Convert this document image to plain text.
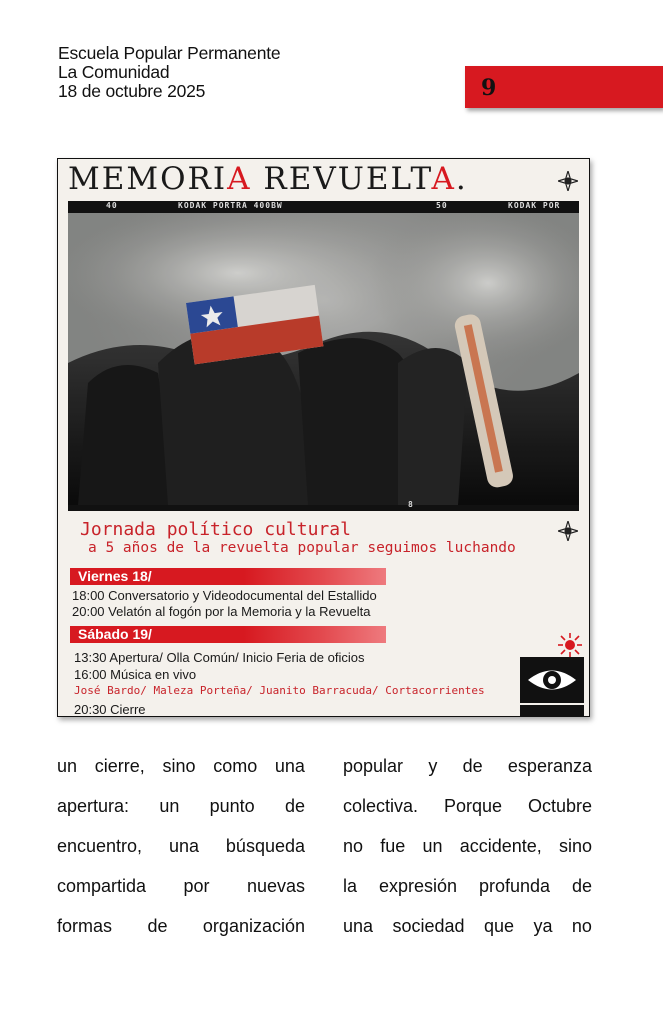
Escuela Popular Permanente
La Comunidad
18 de octubre 2025	9
MEMORIA REVUELTA.
40	KODAK PORTRA 400BW	50	KODAK POR
8
Jornada político cultural
a 5 años de la revuelta popular seguimos luchando
Viernes 18/
18:00 Conversatorio y Videodocumental del Estallido
20:00 Velatón al fogón por la Memoria y la Revuelta
Sábado 19/
13:30 Apertura/ Olla Común/ Inicio Feria de oficios
16:00 Música en vivo
José Bardo/ Maleza Porteña/ Juanito Barracuda/ Cortacorrientes
20:30 Cierre
un cierre, sino como una
apertura: un punto de
encuentro, una búsqueda
compartida por nuevas
formas de organización
popular y de esperanza
colectiva. Porque Octubre
no fue un accidente, sino
la expresión profunda de
una sociedad que ya no
